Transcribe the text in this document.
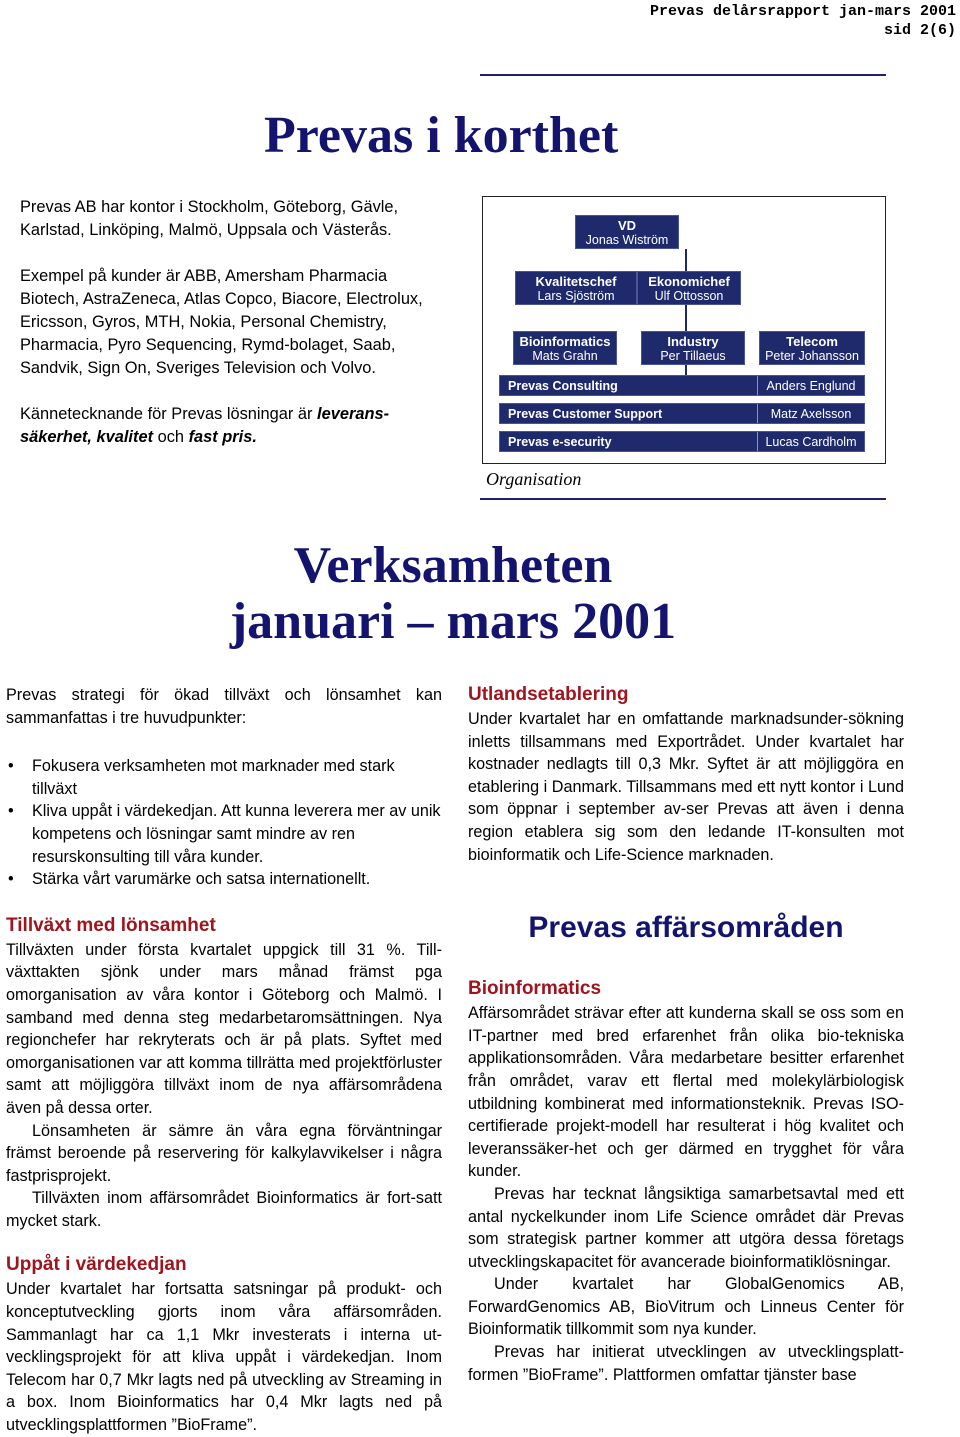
Prevas delårsrapport jan-mars 2001
sid 2(6)
Prevas i korthet

Prevas AB har kontor i Stockholm, Göteborg, Gävle, Karlstad, Linköping, Malmö, Uppsala och Västerås.

Exempel på kunder är ABB, Amersham Pharmacia Biotech, AstraZeneca, Atlas Copco, Biacore, Electrolux, Ericsson, Gyros, MTH, Nokia, Personal Chemistry, Pharmacia, Pyro Sequencing, Rymd-bolaget, Saab, Sandvik, Sign On, Sveriges Television och Volvo.

Kännetecknande för Prevas lösningar är leverans-säkerhet, kvalitet och fast pris.

VD
Jonas Wiström
Kvalitetschef
Lars Sjöström
Ekonomichef
Ulf Ottosson
Bioinformatics
Mats Grahn
Industry
Per Tillaeus
Telecom
Peter Johansson
Prevas Consulting	Anders Englund
Prevas Customer Support	Matz Axelsson
Prevas e-security	Lucas Cardholm
Organisation
Verksamheten
januari – mars 2001

Prevas strategi för ökad tillväxt och lönsamhet kan sammanfattas i tre huvudpunkter:

• Fokusera verksamheten mot marknader med stark tillväxt
• Kliva uppåt i värdekedjan. Att kunna leverera mer av unik kompetens och lösningar samt mindre av ren resurskonsulting till våra kunder.
• Stärka vårt varumärke och satsa internationellt.
Tillväxt med lönsamhet

Tillväxten under första kvartalet uppgick till 31 %. Till-växttakten sjönk under mars månad främst pga omorganisation av våra kontor i Göteborg och Malmö. I samband med denna steg medarbetaromsättningen. Nya regionchefer har rekryterats och är på plats. Syftet med omorganisationen var att komma tillrätta med projektförluster samt att möjliggöra tillväxt inom de nya affärsområdena även på dessa orter.

Lönsamheten är sämre än våra egna förväntningar främst beroende på reservering för kalkylavvikelser i några fastprisprojekt.

Tillväxten inom affärsområdet Bioinformatics är fort-satt mycket stark.

Uppåt i värdekedjan

Under kvartalet har fortsatta satsningar på produkt- och konceptutveckling gjorts inom våra affärsområden. Sammanlagt har ca 1,1 Mkr investerats i interna ut-vecklingsprojekt för att kliva uppåt i värdekedjan. Inom Telecom har 0,7 Mkr lagts ned på utveckling av Streaming in a box. Inom Bioinformatics har 0,4 Mkr lagts ned på utvecklingsplattformen ”BioFrame”.

Utlandsetablering

Under kvartalet har en omfattande marknadsunder-sökning inletts tillsammans med Exportrådet. Under kvartalet har kostnader nedlagts till 0,3 Mkr. Syftet är att möjliggöra en etablering i Danmark. Tillsammans med ett nytt kontor i Lund som öppnar i september av-ser Prevas att även i denna region etablera sig som den ledande IT-konsulten mot bioinformatik och Life-Science marknaden.

Prevas affärsområden
Bioinformatics

Affärsområdet strävar efter att kunderna skall se oss som en IT-partner med bred erfarenhet från olika bio-tekniska applikationsområden. Våra medarbetare besitter erfarenhet från området, varav ett flertal med molekylärbiologisk utbildning kombinerat med informationsteknik. Prevas ISO-certifierade projekt-modell har resulterat i hög kvalitet och leveranssäker-het och ger därmed en trygghet för våra kunder.

Prevas har tecknat långsiktiga samarbetsavtal med ett antal nyckelkunder inom Life Science området där Prevas som strategisk partner kommer att utgöra dessa företags utvecklingskapacitet för avancerade bioinformatiklösningar.

Under kvartalet har GlobalGenomics AB, ForwardGenomics AB, BioVitrum och Linneus Center för Bioinformatik tillkommit som nya kunder.

Prevas har initierat utvecklingen av utvecklingsplatt-formen ”BioFrame”. Plattformen omfattar tjänster base
